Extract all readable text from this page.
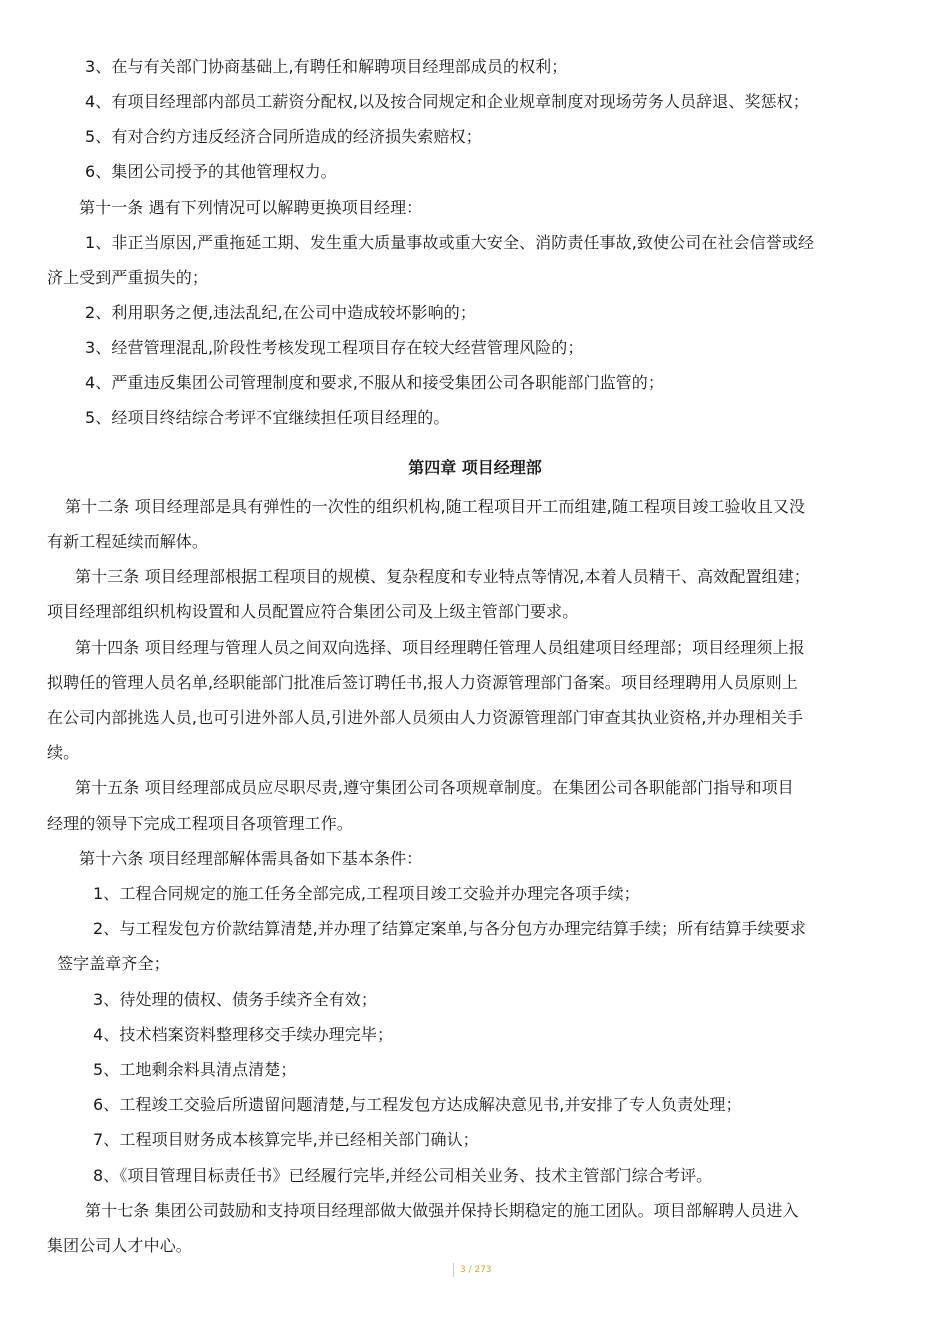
3、在与有关部门协商基础上,有聘任和解聘项目经理部成员的权利；
4、有项目经理部内部员工薪资分配权,以及按合同规定和企业规章制度对现场劳务人员辞退、奖惩权；
5、有对合约方违反经济合同所造成的经济损失索赔权；
6、集团公司授予的其他管理权力。
第十一条 遇有下列情况可以解聘更换项目经理：
1、非正当原因,严重拖延工期、发生重大质量事故或重大安全、消防责任事故,致使公司在社会信誉或经
济上受到严重损失的；
2、利用职务之便,违法乱纪,在公司中造成较坏影响的；
3、经营管理混乱,阶段性考核发现工程项目存在较大经营管理风险的；
4、严重违反集团公司管理制度和要求,不服从和接受集团公司各职能部门监管的；
5、经项目终结综合考评不宜继续担任项目经理的。
第四章 项目经理部
第十二条 项目经理部是具有弹性的一次性的组织机构,随工程项目开工而组建,随工程项目竣工验收且又没
有新工程延续而解体。
第十三条 项目经理部根据工程项目的规模、复杂程度和专业特点等情况,本着人员精干、高效配置组建；
项目经理部组织机构设置和人员配置应符合集团公司及上级主管部门要求。
第十四条 项目经理与管理人员之间双向选择、项目经理聘任管理人员组建项目经理部；项目经理须上报
拟聘任的管理人员名单,经职能部门批准后签订聘任书,报人力资源管理部门备案。项目经理聘用人员原则上
在公司内部挑选人员,也可引进外部人员,引进外部人员须由人力资源管理部门审查其执业资格,并办理相关手
续。
第十五条 项目经理部成员应尽职尽责,遵守集团公司各项规章制度。在集团公司各职能部门指导和项目
经理的领导下完成工程项目各项管理工作。
第十六条 项目经理部解体需具备如下基本条件：
1、工程合同规定的施工任务全部完成,工程项目竣工交验并办理完各项手续；
2、与工程发包方价款结算清楚,并办理了结算定案单,与各分包方办理完结算手续；所有结算手续要求
签字盖章齐全；
3、待处理的债权、债务手续齐全有效；
4、技术档案资料整理移交手续办理完毕；
5、工地剩余料具清点清楚；
6、工程竣工交验后所遗留问题清楚,与工程发包方达成解决意见书,并安排了专人负责处理；
7、工程项目财务成本核算完毕,并已经相关部门确认；
8、《项目管理目标责任书》已经履行完毕,并经公司相关业务、技术主管部门综合考评。
第十七条 集团公司鼓励和支持项目经理部做大做强并保持长期稳定的施工团队。项目部解聘人员进入
集团公司人才中心。
3 / 273
